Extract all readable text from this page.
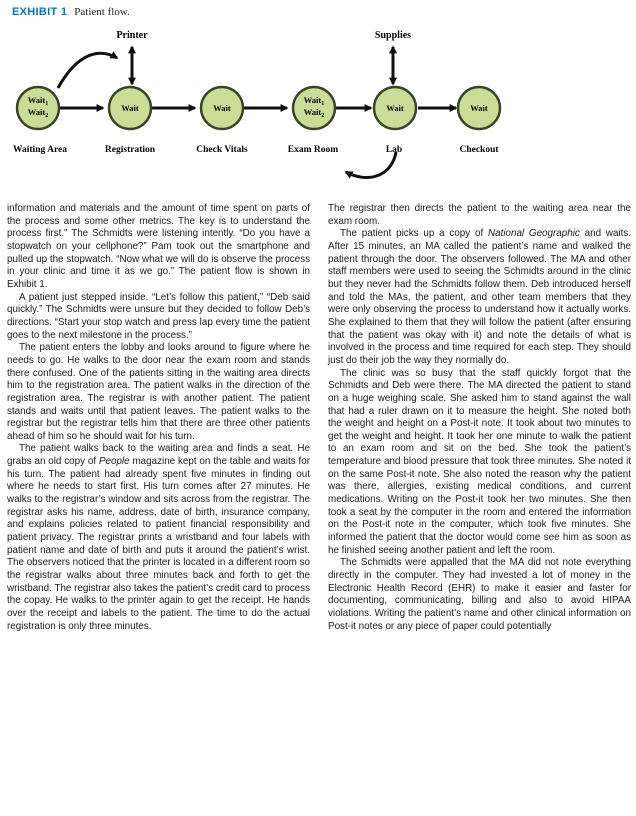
EXHIBIT 1 Patient flow.
Printer	Supplies
Wait$_1$
Wait$_2$
Waiting Area
Wait
Registration
Wait
Check Vitals
Wait$_1$
Wait$_2$
Exam Room
Wait
Lab
Wait
Checkout

information and materials and the amount of time spent on parts of the process and some other metrics. The key is to understand the process first.” The Schmidts were listening intently. “Do you have a stopwatch on your cellphone?” Pam took out the smartphone and pulled up the stopwatch. “Now what we will do is observe the process in your clinic and time it as we go.” The patient flow is shown in Exhibit 1.

A patient just stepped inside. “Let’s follow this patient,” “Deb said quickly.” The Schmidts were unsure but they decided to follow Deb’s directions. “Start your stop watch and press lap every time the patient goes to the next milestone in the process.”

The patient enters the lobby and looks around to figure where he needs to go. He walks to the door near the exam room and stands there confused. One of the patients sitting in the waiting area directs him to the registration area. The patient walks in the direction of the registration area. The registrar is with another patient. The patient stands and waits until that patient leaves. The patient walks to the registrar but the registrar tells him that there are three other patients ahead of him so he should wait for his turn.

The patient walks back to the waiting area and finds a seat. He grabs an old copy of People magazine kept on the table and waits for his turn. The patient had already spent five minutes in finding out where he needs to start first. His turn comes after 27 minutes. He walks to the registrar’s window and sits across from the registrar. The registrar asks his name, address, date of birth, insurance company, and explains policies related to patient financial responsibility and patient privacy. The registrar prints a wristband and four labels with patient name and date of birth and puts it around the patient’s wrist. The observers noticed that the printer is located in a different room so the registrar walks about three minutes back and forth to get the wristband. The registrar also takes the patient’s credit card to process the copay. He walks to the printer again to get the receipt. He hands over the receipt and labels to the patient. The time to do the actual registration is only three minutes.

The registrar then directs the patient to the waiting area near the exam room.

The patient picks up a copy of National Geographic and waits. After 15 minutes, an MA called the patient’s name and walked the patient through the door. The observers followed. The MA and other staff members were used to seeing the Schmidts around in the clinic but they never had the Schmidts follow them. Deb introduced herself and told the MAs, the patient, and other team members that they were only observing the process to understand how it actually works. She explained to them that they will follow the patient (after ensuring that the patient was okay with it) and note the details of what is involved in the process and time required for each step. They should just do their job the way they normally do.

The clinic was so busy that the staff quickly forgot that the Schmidts and Deb were there. The MA directed the patient to stand on a huge weighing scale. She asked him to stand against the wall that had a ruler drawn on it to measure the height. She noted both the weight and height on a Post-it note. It took about two minutes to get the weight and height. It took her one minute to walk the patient to an exam room and sit on the bed. She took the patient’s temperature and blood pressure that took three minutes. She noted it on the same Post-it note. She also noted the reason why the patient was there, allergies, existing medical conditions, and current medications. Writing on the Post-it took her two minutes. She then took a seat by the computer in the room and entered the information on the Post-it note in the computer, which took five minutes. She informed the patient that the doctor would come see him as soon as he finished seeing another patient and left the room.

The Schmidts were appalled that the MA did not note everything directly in the computer. They had invested a lot of money in the Electronic Health Record (EHR) to make it easier and faster for documenting, communicating, billing and also to avoid HIPAA violations. Writing the patient’s name and other clinical information on Post-it notes or any piece of paper could potentially
